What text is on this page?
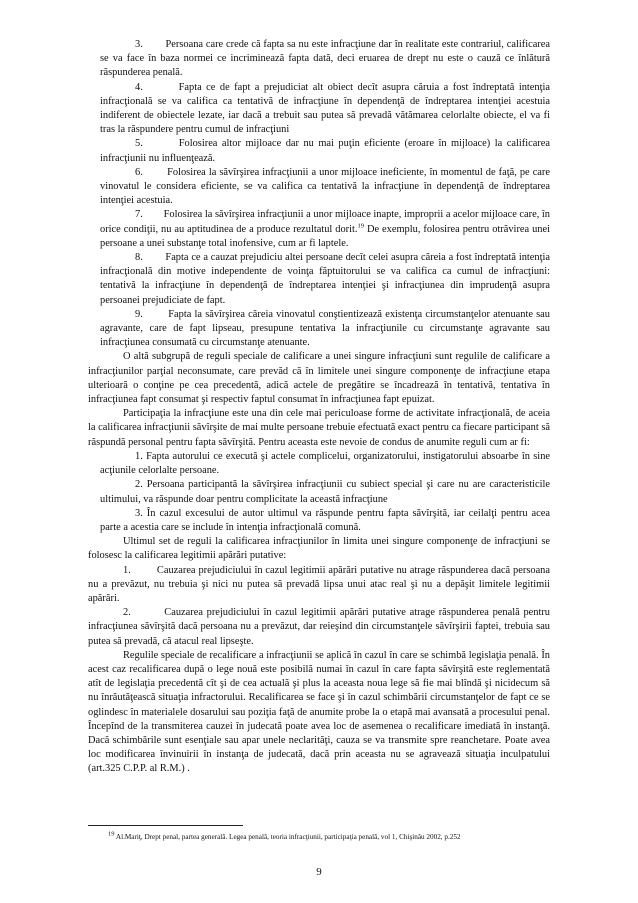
3.        Persoana care crede că fapta sa nu este infracţiune dar în realitate este contrariul, calificarea se va face în baza normei ce incriminează fapta dată, deci eruarea de drept nu este o cauză ce înlătură răspunderea penală.

4.        Fapta ce de fapt a prejudiciat alt obiect decît asupra căruia a fost îndreptată intenţia infracţională se va califica ca tentativă de infracţiune în dependenţă de îndreptarea intenţiei acestuia indiferent de obiectele lezate, iar dacă a trebuit sau putea să prevadă vătămarea celorlalte obiecte, el va fi tras la răspundere pentru cumul de infracţiuni

5.        Folosirea altor mijloace dar nu mai puţin eficiente (eroare în mijloace) la calificarea infracţiunii nu influenţează.

6.        Folosirea la săvîrşirea infracţiunii a unor mijloace ineficiente, în momentul de faţă, pe care vinovatul le considera eficiente, se va califica ca tentativă la infracţiune în dependenţă de îndreptarea intenţiei acestuia.

7.        Folosirea la săvîrşirea infracţiunii a unor mijloace inapte, improprii a acelor mijloace care, în orice condiţii, nu au aptitudinea de a produce rezultatul dorit.$^{19}$ De exemplu, folosirea pentru otrăvirea unei persoane a unei substanţe total inofensive, cum ar fi laptele.

8.        Fapta ce a cauzat prejudiciu altei persoane decît celei asupra căreia a fost îndreptată intenţia infracţională din motive independente de voinţa făptuitorului se va califica ca cumul de infracţiuni: tentativă la infracţiune în dependenţă de îndreptarea intenţiei şi infracţiunea din imprudenţă asupra persoanei prejudiciate de fapt.

9.        Fapta la săvîrşirea căreia vinovatul conştientizează existenţa circumstanţelor atenuante sau agravante, care de fapt lipseau, presupune tentativa la infracţiunile cu circumstanţe agravante sau infracţiunea consumată cu circumstanţe atenuante.

O altă subgrupă de reguli speciale de calificare a unei singure infracţiuni sunt regulile de calificare a infracţiunilor parţial neconsumate, care prevăd că în limitele unei singure componenţe de infracţiune etapa ulterioară o conţine pe cea precedentă, adică actele de pregătire se încadrează în tentativă, tentativa în infracţiunea fapt consumat şi respectiv faptul consumat în infracţiunea fapt epuizat.

Participaţia la infracţiune este una din cele mai periculoase forme de activitate infracţională, de aceia la calificarea infracţiunii săvîrşite de mai multe persoane trebuie efectuată exact pentru ca fiecare participant să răspundă personal pentru fapta săvîrşită. Pentru aceasta este nevoie de condus de anumite reguli cum ar fi:

1. Fapta autorului ce execută şi actele complicelui, organizatorului, instigatorului absoarbe în sine acţiunile celorlalte persoane.

2. Persoana participantă la săvîrşirea infracţiunii cu subiect special şi care nu are caracteristicile ultimului, va răspunde doar pentru complicitate la această infracţiune

3. În cazul excesului de autor ultimul va răspunde pentru fapta săvîrşită, iar ceilalţi pentru acea parte a acestia care se include în intenţia infracţională comună.

Ultimul set de reguli la calificarea infracţiunilor în limita unei singure componenţe de infracţiuni se folosesc la calificarea legitimii apărări putative:

1.         Cauzarea prejudiciului în cazul legitimii apărări putative nu atrage răspunderea dacă persoana nu a prevăzut, nu trebuia şi nici nu putea să prevadă lipsa unui atac real şi nu a depăşit limitele legitimii apărări.

2.         Cauzarea prejudiciului în cazul legitimii apărări putative atrage răspunderea penală pentru infracţiunea săvîrşită dacă persoana nu a prevăzut, dar reieşind din circumstanţele săvîrşirii faptei, trebuia sau putea să prevadă, că atacul real lipseşte.

Regulile speciale de recalificare a infracţiunii se aplică în cazul în care se schimbă legislaţia penală. În acest caz recalificarea după o lege nouă este posibilă numai în cazul în care fapta săvîrşită este reglementată atît de legislaţia precedentă cît şi de cea actuală şi plus la aceasta noua lege să fie mai blîndă şi nicidecum să nu înrăutăţească situaţia infractorului. Recalificarea se face şi în cazul schimbării circumstanţelor de fapt ce se oglindesc în materialele dosarului sau poziţia faţă de anumite probe la o etapă mai avansată a procesului penal. Începînd de la transmiterea cauzei în judecată poate avea loc de asemenea o recalificare imediată în instanţă. Dacă schimbările sunt esenţiale sau apar unele neclarităţi, cauza se va transmite spre reanchetare. Poate avea loc modificarea învinuirii în instanţa de judecată, dacă prin aceasta nu se agravează situaţia inculpatului (art.325 C.P.P. al R.M.) .

$^{19}$ Al.Mariţ, Drept penal, partea generală. Legea penală, teoria infracţiunii, participaţia penală, vol 1, Chişinău 2002, p.252
9
